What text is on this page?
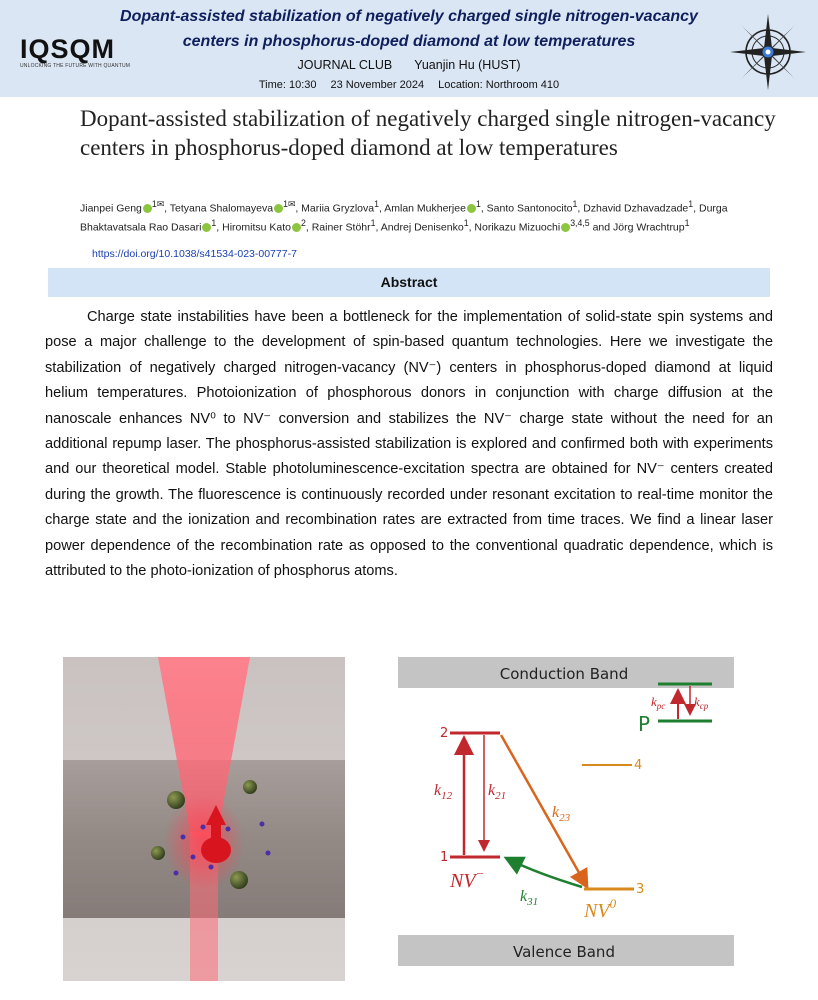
IQSQM
UNLOCKING THE FUTURE WITH QUANTUM
Dopant-assisted stabilization of negatively charged single nitrogen-vacancy
centers in phosphorus-doped diamond at low temperatures
JOURNAL CLUB Yuanjin Hu (HUST)
Time: 10:30 23 November 2024 Location: Northroom 410
Dopant-assisted stabilization of negatively charged single nitrogen-vacancy centers in phosphorus-doped diamond at low temperatures
Jianpei Geng $^{1✉}$, Tetyana Shalomayeva $^{1✉}$, Mariia Gryzlova$^1$, Amlan Mukherjee $^1$, Santo Santonocito$^1$, Dzhavid Dzhavadzade$^1$, Durga Bhaktavatsala Rao Dasari $^1$, Hiromitsu Kato $^2$, Rainer Stöhr$^1$, Andrej Denisenko$^1$, Norikazu Mizuochi $^{3,4,5}$ and Jörg Wrachtrup$^1$
https://doi.org/10.1038/s41534-023-00777-7
Abstract
Charge state instabilities have been a bottleneck for the implementation of solid-state spin systems and pose a major challenge to the development of spin-based quantum technologies. Here we investigate the stabilization of negatively charged nitrogen-vacancy (NV⁻) centers in phosphorus-doped diamond at liquid helium temperatures. Photoionization of phosphorous donors in conjunction with charge diffusion at the nanoscale enhances NV⁰ to NV⁻ conversion and stabilizes the NV⁻ charge state without the need for an additional repump laser. The phosphorus-assisted stabilization is explored and confirmed both with experiments and our theoretical model. Stable photoluminescence-excitation spectra are obtained for NV⁻ centers created during the growth. The fluorescence is continuously recorded under resonant excitation to real-time monitor the charge state and the ionization and recombination rates are extracted from time traces. We find a linear laser power dependence of the recombination rate as opposed to the conventional quadratic dependence, which is attributed to the photo-ionization of phosphorus atoms.
Conduction Band
Valence Band
2
1
$k_{12}$ $k_{21}$
NV−
$k_{23}$
3
$NV^0$
4
$k_{31}$
P
$k_{pc}$ $k_{cp}$
